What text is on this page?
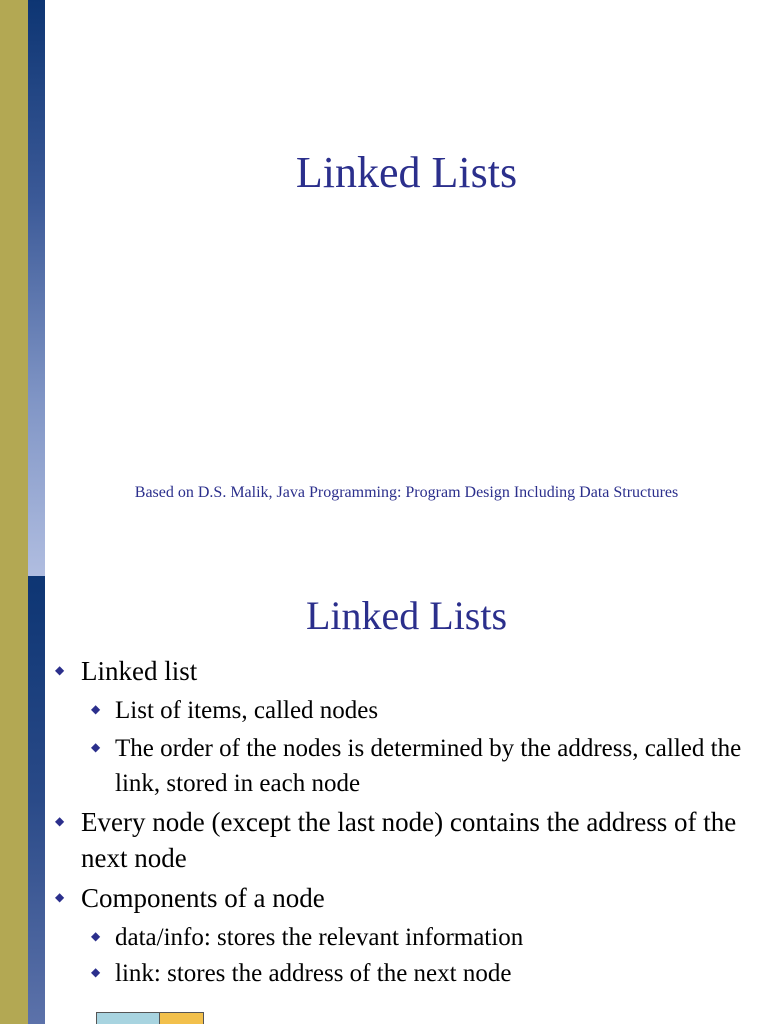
Linked Lists
Based on D.S. Malik, Java Programming: Program Design Including Data Structures
Linked Lists
◆ Linked list
◆ List of items, called nodes
◆ The order of the nodes is determined by the address, called the link, stored in each node
◆ Every node (except the last node) contains the address of the next node
◆ Components of a node
◆ data/info: stores the relevant information
◆ link: stores the address of the next node
